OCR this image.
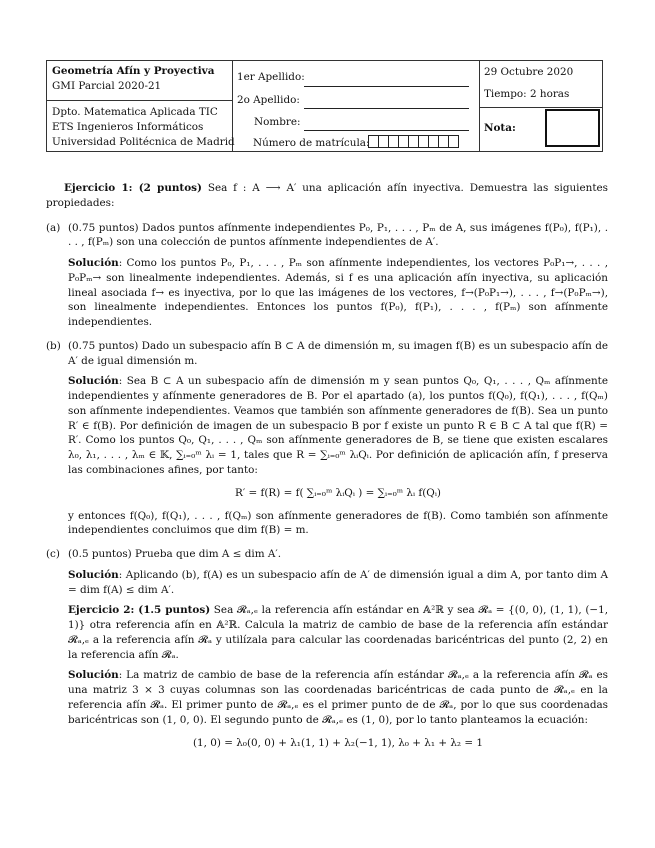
Geometría Afín y Proyectiva
GMI Parcial 2020-21
Dpto. Matematica Aplicada TIC
ETS Ingenieros Informáticos
Universidad Politécnica de Madrid
1er Apellido:
2o Apellido:
Nombre:
Número de matrícula:
29 Octubre 2020
Tiempo: 2 horas
Nota:

Ejercicio 1: (2 puntos) Sea f : A ⟶ A′ una aplicación afín inyectiva. Demuestra las siguientes propiedades:

(a) (0.75 puntos) Dados puntos afínmente independientes P₀, P₁, . . . , Pₘ de A, sus imágenes f(P₀), f(P₁), . . . , f(Pₘ) son una colección de puntos afínmente independientes de A′.

Solución: Como los puntos P₀, P₁, . . . , Pₘ son afínmente independientes, los vectores P₀P₁→, . . . , P₀Pₘ→ son linealmente independientes. Además, si f es una aplicación afín inyectiva, su aplicación lineal asociada f→ es inyectiva, por lo que las imágenes de los vectores, f→(P₀P₁→), . . . , f→(P₀Pₘ→), son linealmente independientes. Entonces los puntos f(P₀), f(P₁), . . . , f(Pₘ) son afínmente independientes.

(b) (0.75 puntos) Dado un subespacio afín B ⊂ A de dimensión m, su imagen f(B) es un subespacio afín de A′ de igual dimensión m.

Solución: Sea B ⊂ A un subespacio afín de dimensión m y sean puntos Q₀, Q₁, . . . , Qₘ afínmente independientes y afínmente generadores de B. Por el apartado (a), los puntos f(Q₀), f(Q₁), . . . , f(Qₘ) son afínmente independientes. Veamos que también son afínmente generadores de f(B). Sea un punto R′ ∈ f(B). Por definición de imagen de un subespacio B por f existe un punto R ∈ B ⊂ A tal que f(R) = R′. Como los puntos Q₀, Q₁, . . . , Qₘ son afínmente generadores de B, se tiene que existen escalares λ₀, λ₁, . . . , λₘ ∈ 𝕂, ∑ᵢ₌₀ᵐ λᵢ = 1, tales que R = ∑ᵢ₌₀ᵐ λᵢQᵢ. Por definición de aplicación afín, f preserva las combinaciones afines, por tanto:

R′ = f(R) = f( ∑ᵢ₌₀ᵐ λᵢQᵢ ) = ∑ᵢ₌₀ᵐ λᵢ f(Qᵢ)

y entonces f(Q₀), f(Q₁), . . . , f(Qₘ) son afínmente generadores de f(B). Como también son afínmente independientes concluimos que dim f(B) = m.

(c) (0.5 puntos) Prueba que dim A ≤ dim A′.

Solución: Aplicando (b), f(A) es un subespacio afín de A′ de dimensión igual a dim A, por tanto dim A = dim f(A) ≤ dim A′.

Ejercicio 2: (1.5 puntos) Sea 𝓡ₐ,ₑ la referencia afín estándar en 𝔸²ℝ y sea 𝓡ₐ = {(0, 0), (1, 1), (−1, 1)} otra referencia afín en 𝔸²ℝ. Calcula la matriz de cambio de base de la referencia afín estándar 𝓡ₐ,ₑ a la referencia afín 𝓡ₐ y utilízala para calcular las coordenadas baricéntricas del punto (2, 2) en la referencia afín 𝓡ₐ.

Solución: La matriz de cambio de base de la referencia afín estándar 𝓡ₐ,ₑ a la referencia afín 𝓡ₐ es una matriz 3 × 3 cuyas columnas son las coordenadas baricéntricas de cada punto de 𝓡ₐ,ₑ en la referencia afín 𝓡ₐ. El primer punto de 𝓡ₐ,ₑ es el primer punto de de 𝓡ₐ, por lo que sus coordenadas baricéntricas son (1, 0, 0). El segundo punto de 𝓡ₐ,ₑ es (1, 0), por lo tanto planteamos la ecuación:

(1, 0) = λ₀(0, 0) + λ₁(1, 1) + λ₂(−1, 1), λ₀ + λ₁ + λ₂ = 1
